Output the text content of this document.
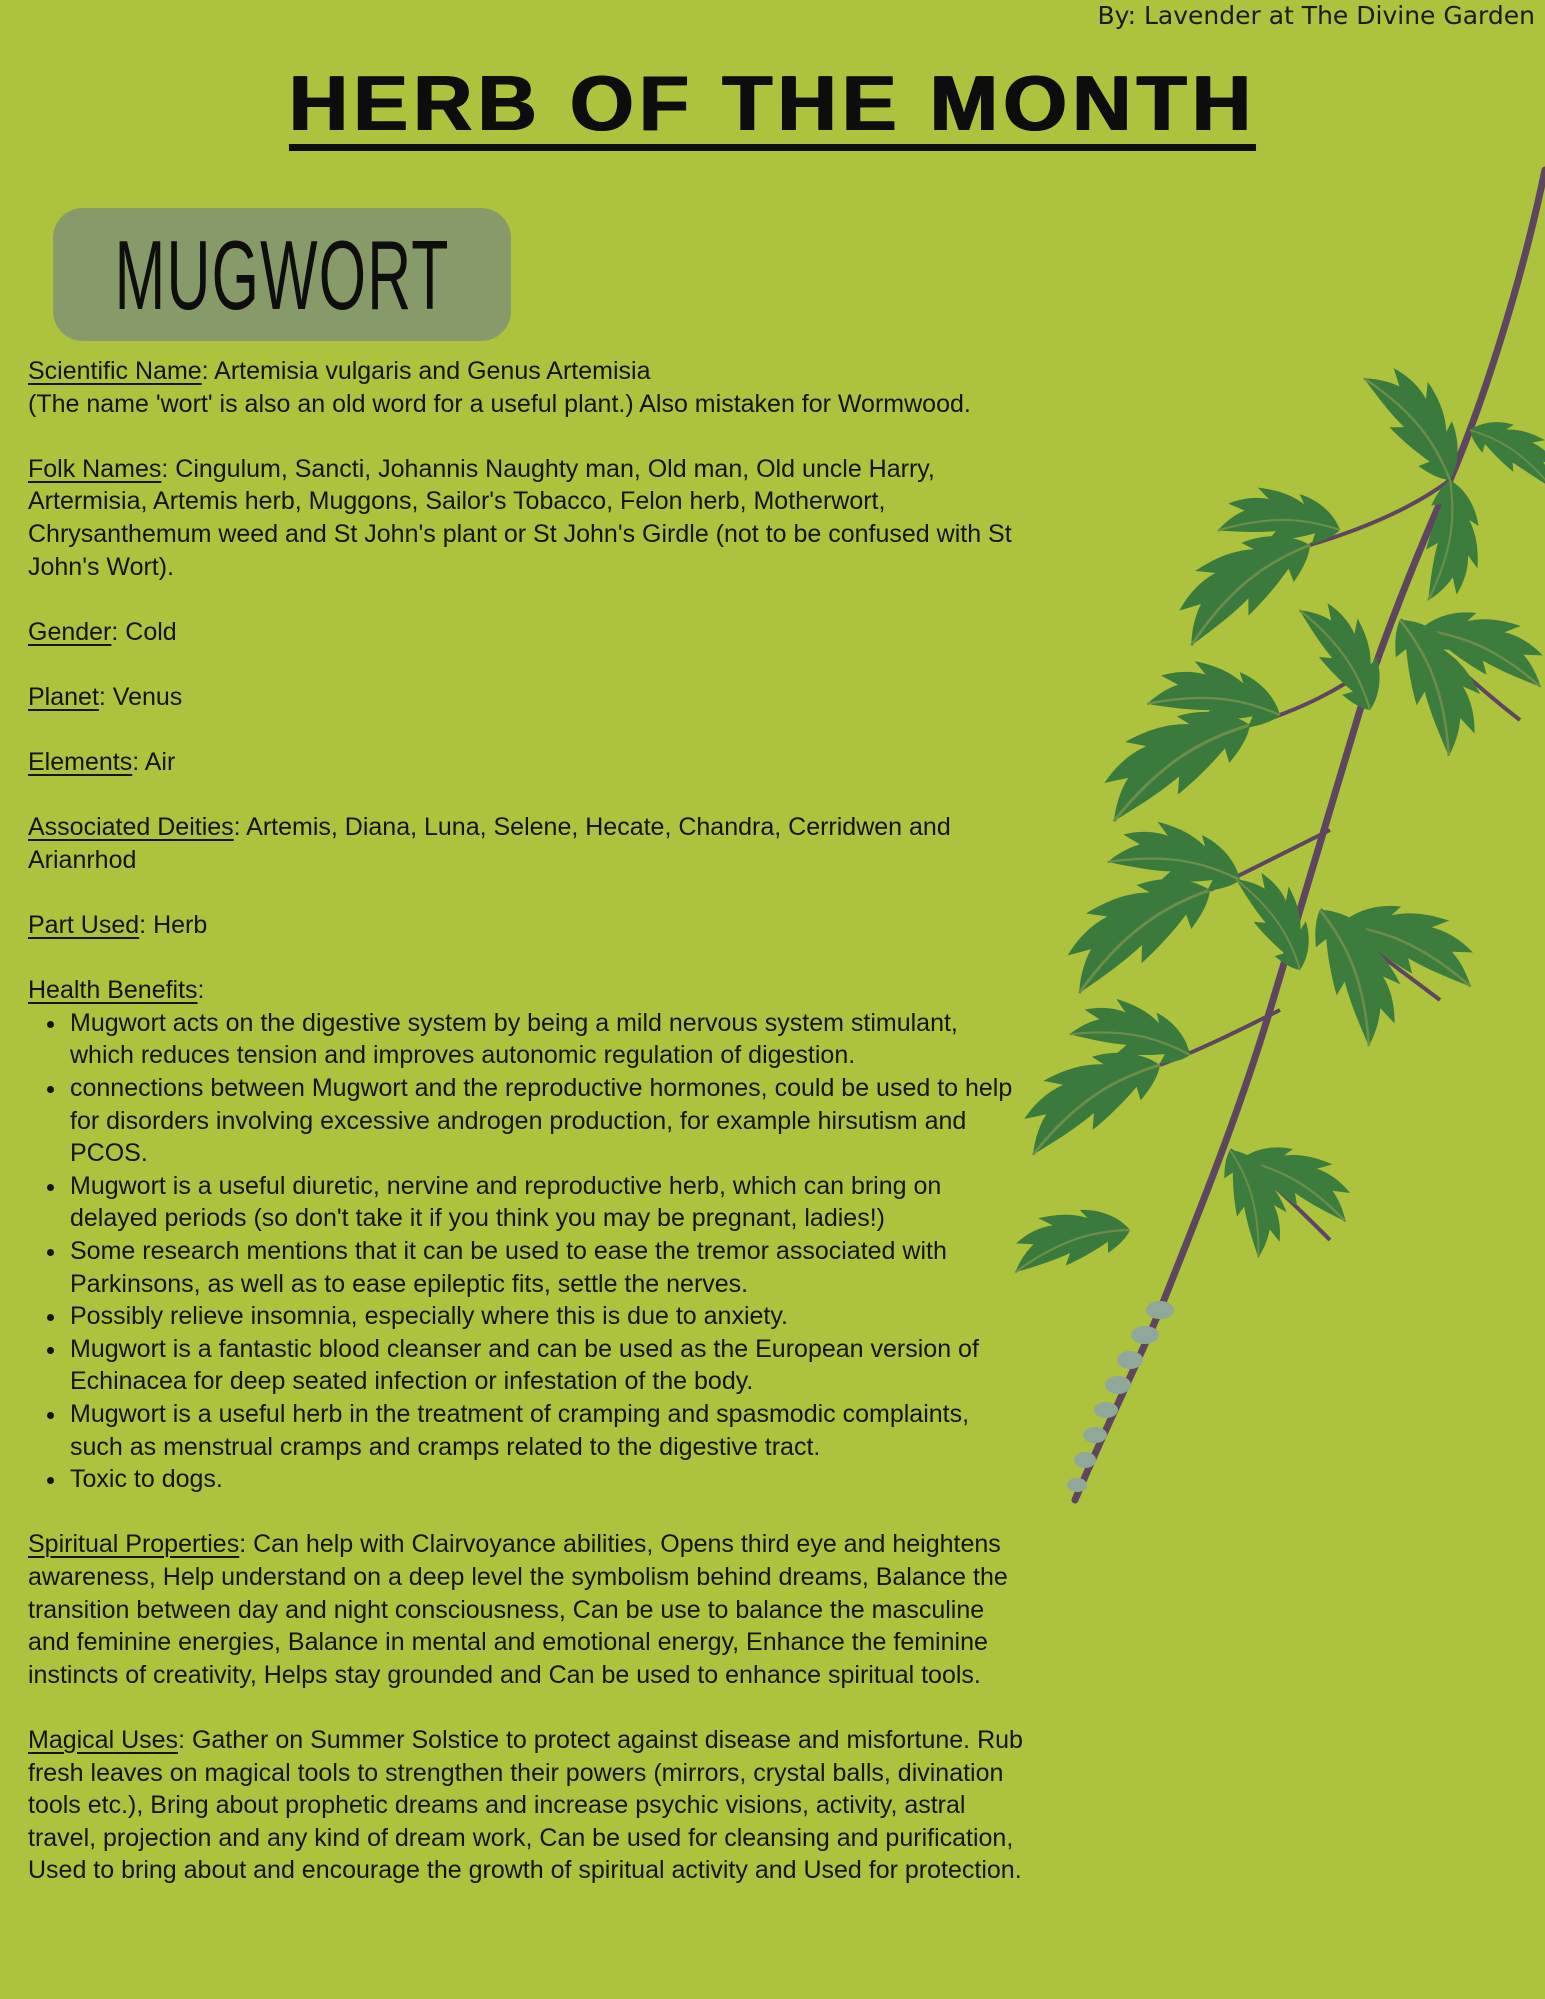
By: Lavender at The Divine Garden
HERB OF THE MONTH
MUGWORT

Scientific Name: Artemisia vulgaris and Genus Artemisia
(The name 'wort' is also an old word for a useful plant.) Also mistaken for Wormwood.

Folk Names: Cingulum, Sancti, Johannis Naughty man, Old man, Old uncle Harry, Artermisia, Artemis herb, Muggons, Sailor's Tobacco, Felon herb, Motherwort, Chrysanthemum weed and St John's plant or St John's Girdle (not to be confused with St John's Wort).

Gender: Cold

Planet: Venus

Elements: Air

Associated Deities: Artemis, Diana, Luna, Selene, Hecate, Chandra, Cerridwen and Arianrhod

Part Used: Herb

Health Benefits:

• Mugwort acts on the digestive system by being a mild nervous system stimulant, which reduces tension and improves autonomic regulation of digestion.
• connections between Mugwort and the reproductive hormones, could be used to help for disorders involving excessive androgen production, for example hirsutism and PCOS.
• Mugwort is a useful diuretic, nervine and reproductive herb, which can bring on delayed periods (so don't take it if you think you may be pregnant, ladies!)
• Some research mentions that it can be used to ease the tremor associated with Parkinsons, as well as to ease epileptic fits, settle the nerves.
• Possibly relieve insomnia, especially where this is due to anxiety.
• Mugwort is a fantastic blood cleanser and can be used as the European version of Echinacea for deep seated infection or infestation of the body.
• Mugwort is a useful herb in the treatment of cramping and spasmodic complaints, such as menstrual cramps and cramps related to the digestive tract.
• Toxic to dogs.

Spiritual Properties: Can help with Clairvoyance abilities, Opens third eye and heightens awareness, Help understand on a deep level the symbolism behind dreams, Balance the transition between day and night consciousness, Can be use to balance the masculine and feminine energies, Balance in mental and emotional energy, Enhance the feminine instincts of creativity, Helps stay grounded and Can be used to enhance spiritual tools.

Magical Uses: Gather on Summer Solstice to protect against disease and misfortune. Rub fresh leaves on magical tools to strengthen their powers (mirrors, crystal balls, divination tools etc.), Bring about prophetic dreams and increase psychic visions, activity, astral travel, projection and any kind of dream work, Can be used for cleansing and purification, Used to bring about and encourage the growth of spiritual activity and Used for protection.
